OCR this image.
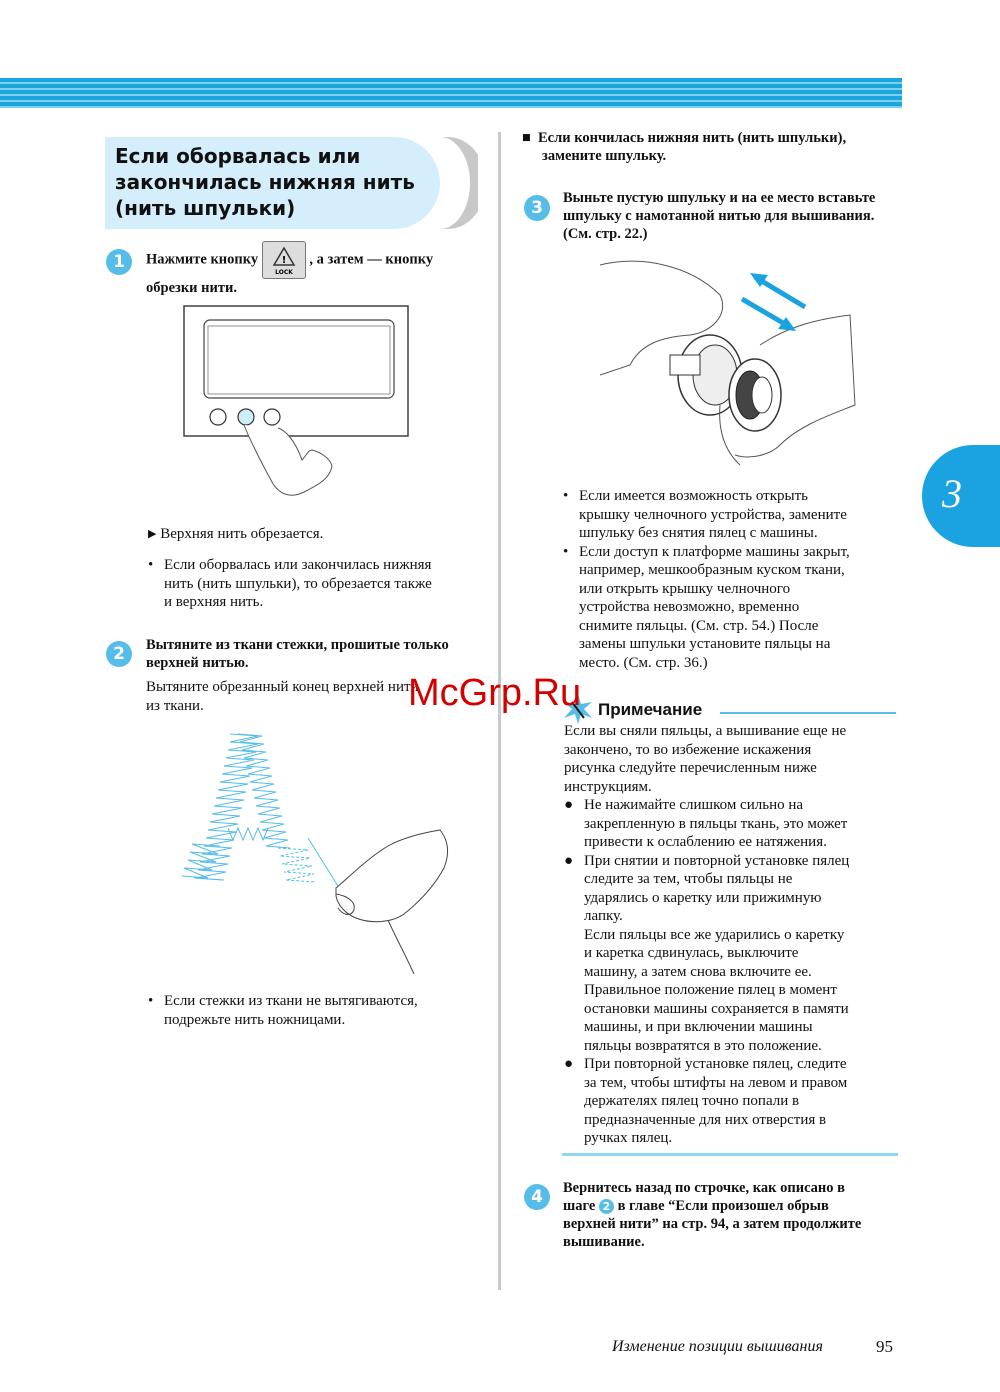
Если оборвалась или
закончилась нижняя нить
(нить шпульки)
3
1	Нажмите кнопку !
LOCK
, а затем — кнопку
обрезки нити.
▶ Верхняя нить обрезается.
• Если оборвалась или закончилась нижняя
нить (нить шпульки), то обрезается также
и верхняя нить.
2	Вытяните из ткани стежки, прошитые только
верхней нитью.
Вытяните обрезанный конец верхней нити
из ткани.
• Если стежки из ткани не вытягиваются,
подрежьте нить ножницами.
■ Если кончилась нижняя нить (нить шпульки),
замените шпульку.
3	Выньте пустую шпульку и на ее место вставьте
шпульку с намотанной нитью для вышивания.
(См. стр. 22.)
• Если имеется возможность открыть
крышку челночного устройства, замените
шпульку без снятия пялец с машины.
• Если доступ к платформе машины закрыт,
например, мешкообразным куском ткани,
или открыть крышку челночного
устройства невозможно, временно
снимите пяльцы. (См. стр. 54.) После
замены шпульки установите пяльцы на
место. (См. стр. 36.)
Примечание
Если вы сняли пяльцы, а вышивание еще не
закончено, то во избежение искажения
рисунка следуйте перечисленным ниже
инструкциям.
● Не нажимайте слишком сильно на
закрепленную в пяльцы ткань, это может
привести к ослаблению ее натяжения.
● При снятии и повторной установке пялец
следите за тем, чтобы пяльцы не
ударялись о каретку или прижимную
лапку.
Если пяльцы все же ударились о каретку
и каретка сдвинулась, выключите
машину, а затем снова включите ее.
Правильное положение пялец в момент
остановки машины сохраняется в памяти
машины, и при включении машины
пяльцы возвратятся в это положение.
● При повторной установке пялец, следите
за тем, чтобы штифты на левом и правом
держателях пялец точно попали в
предназначенные для них отверстия в
ручках пялец.
4	Вернитесь назад по строчке, как описано в
шаге 2 в главе “Если произошел обрыв
верхней нити” на стр. 94, а затем продолжите
вышивание.
McGrp.Ru
Изменение позиции вышивания	95
